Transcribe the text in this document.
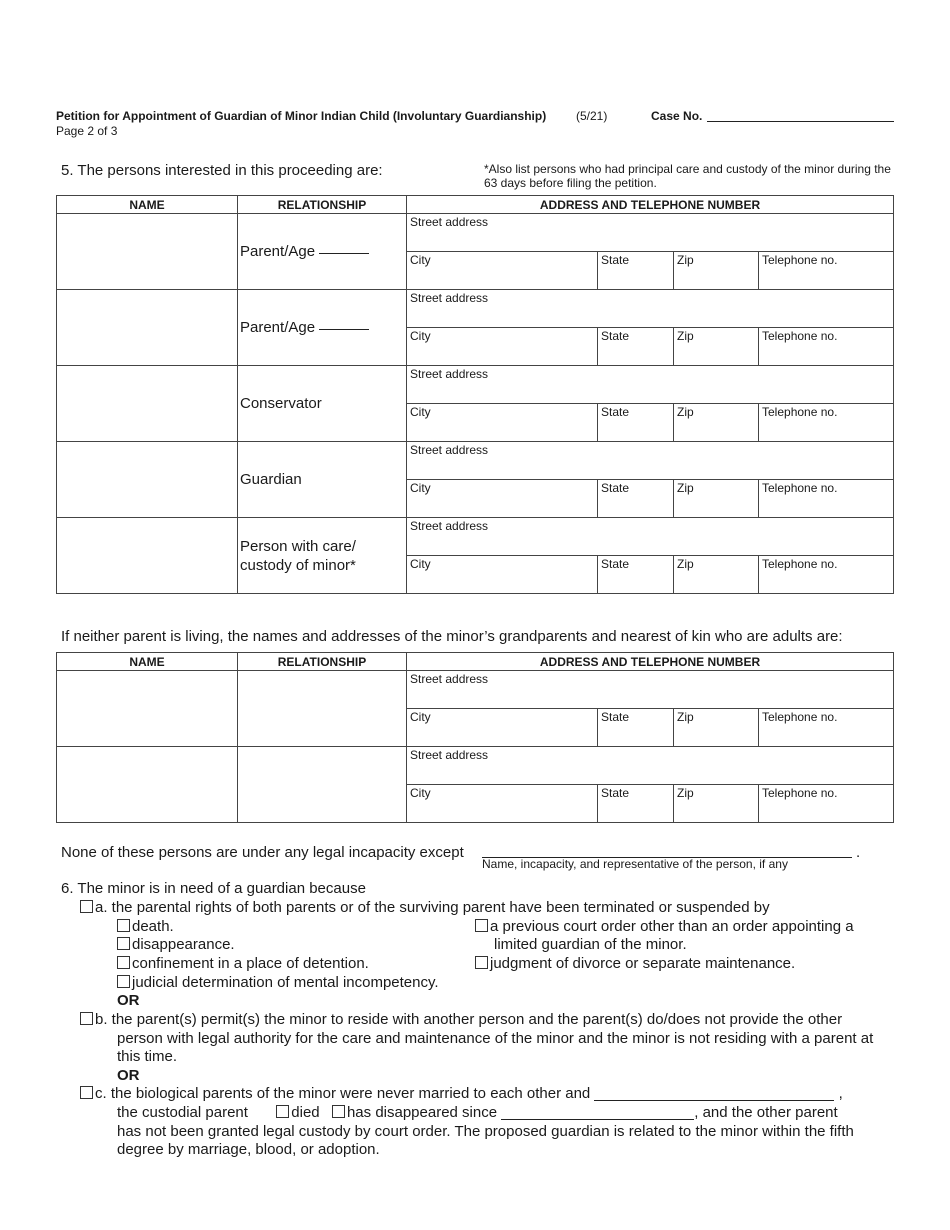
Petition for Appointment of Guardian of Minor Indian Child (Involuntary Guardianship) (5/21)	Case No.
Page 2 of 3
5. The persons interested in this proceeding are:	*Also list persons who had principal care and custody of the minor during the 63 days before filing the petition.
NAME	RELATIONSHIP	ADDRESS AND TELEPHONE NUMBER
	Parent/Age	Street address
City State Zip Telephone no.

	Parent/Age	Street address
City State Zip Telephone no.

	Conservator	Street address
City State Zip Telephone no.

	Guardian	Street address
City State Zip Telephone no.

	Person with care/ custody of minor*	Street address
City State Zip Telephone no.
If neither parent is living, the names and addresses of the minor’s grandparents and nearest of kin who are adults are:
NAME	RELATIONSHIP	ADDRESS AND TELEPHONE NUMBER

		Street address
City State Zip Telephone no.

		Street address
City State Zip Telephone no.
None of these persons are under any legal incapacity except	.
Name, incapacity, and representative of the person, if any
6. The minor is in need of a guardian because
a. the parental rights of both parents or of the surviving parent have been terminated or suspended by
death.
disappearance.
confinement in a place of detention.
judicial determination of mental incompetency.
a previous court order other than an order appointing a
limited guardian of the minor.
judgment of divorce or separate maintenance.
OR
b. the parent(s) permit(s) the minor to reside with another person and the parent(s) do/does not provide the other
person with legal authority for the care and maintenance of the minor and the minor is not residing with a parent at
this time.
OR
c. the biological parents of the minor were never married to each other and	,
the custodial parent	died has disappeared since	, and the other parent
has not been granted legal custody by court order. The proposed guardian is related to the minor within the fifth
degree by marriage, blood, or adoption.
